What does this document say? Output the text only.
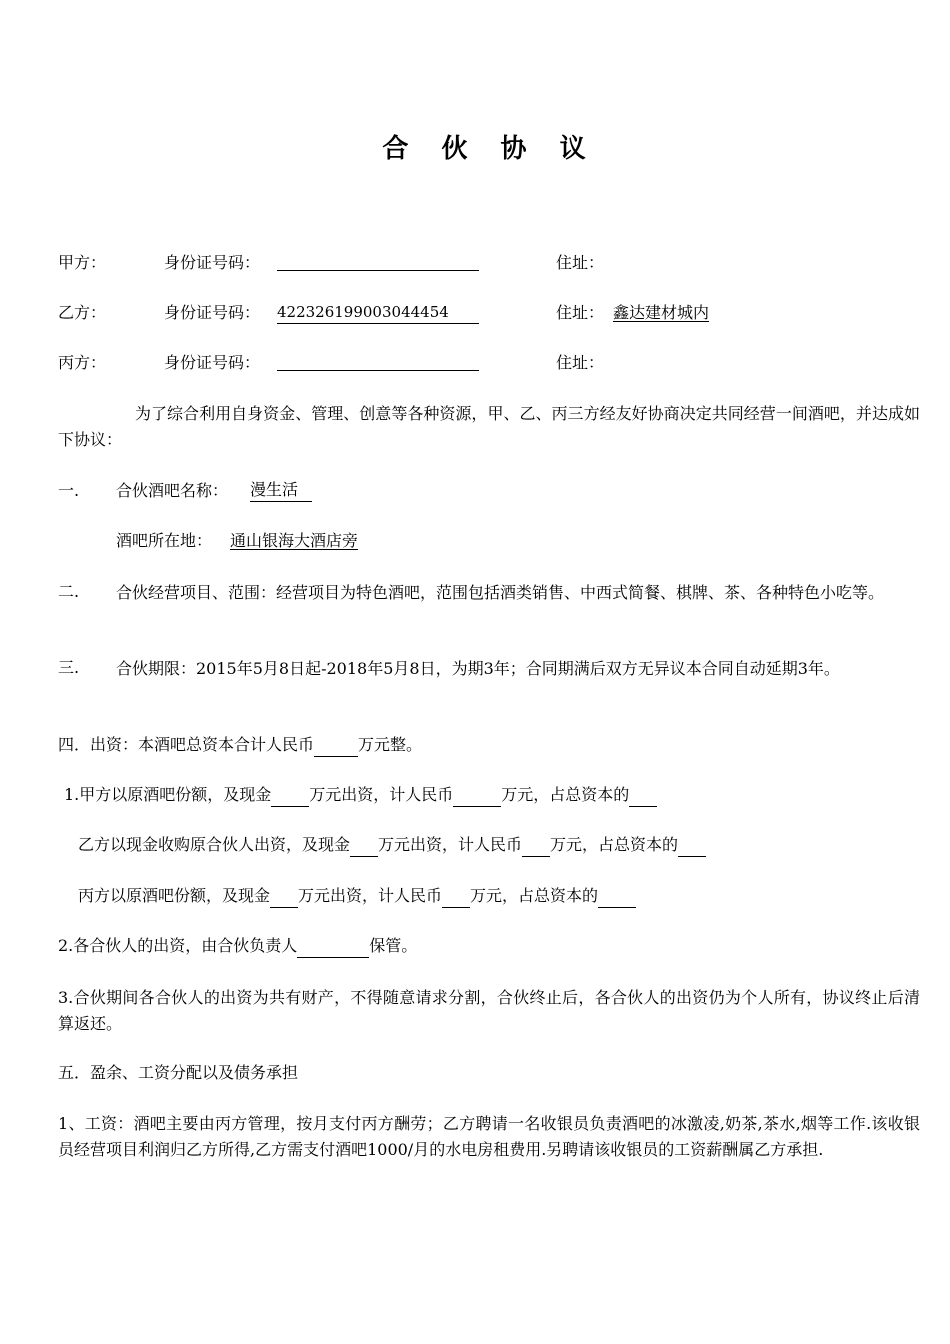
合 伙 协 议
甲方：	身份证号码：	住址：
乙方：	身份证号码： 422326199003044454	住址： 鑫达建材城内
丙方：	身份证号码：	住址：
为了综合利用自身资金、管理、创意等各种资源，甲、乙、丙三方经友好协商决定共同经营一间酒吧，并达成如下协议：
一. 合伙酒吧名称： 漫生活
酒吧所在地： 通山银海大酒店旁
二. 合伙经营项目、范围：经营项目为特色酒吧，范围包括酒类销售、中西式简餐、棋牌、茶、各种特色小吃等。
三. 合伙期限：2015年5月8日起-2018年5月8日，为期3年；合同期满后双方无异议本合同自动延期3年。
四．出资：本酒吧总资本合计人民币	万元整。
1.甲方以原酒吧份额，及现金 万元出资，计人民币	万元，占总资本的
乙方以现金收购原合伙人出资，及现金 万元出资，计人民币 万元，占总资本的
丙方以原酒吧份额，及现金 万元出资，计人民币 万元，占总资本的
2.各合伙人的出资，由合伙负责人	保管。
3.合伙期间各合伙人的出资为共有财产，不得随意请求分割，合伙终止后，各合伙人的出资仍为个人所有，协议终止后清算返还。
五．盈余、工资分配以及债务承担
1、工资：酒吧主要由丙方管理，按月支付丙方酬劳；乙方聘请一名收银员负责酒吧的冰激凌,奶茶,茶水,烟等工作.该收银员经营项目利润归乙方所得,乙方需支付酒吧1000/月的水电房租费用.另聘请该收银员的工资薪酬属乙方承担.
